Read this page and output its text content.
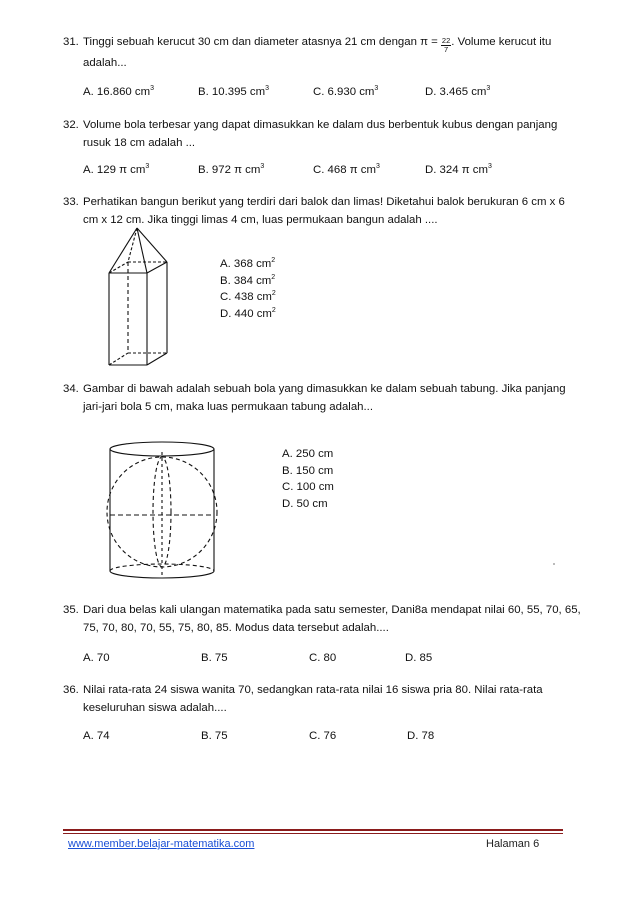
31. Tinggi sebuah kerucut 30 cm dan diameter atasnya 21 cm dengan $\pi = \frac{22}{7}$ . Volume kerucut itu
adalah...
A. 16.860 $cm^3$	B. 10.395 $cm^3$	C. 6.930 $cm^3$	D. 3.465 $cm^3$
32. Volume bola terbesar yang dapat dimasukkan ke dalam dus berbentuk kubus dengan panjang rusuk 18 cm adalah ...
A. 129 π $cm^3$	B. 972 π $cm^3$	C. 468 π $cm^3$	D. 324 π $cm^3$
33. Perhatikan bangun berikut yang terdiri dari balok dan limas! Diketahui balok berukuran 6 cm x 6 cm x 12 cm. Jika tinggi limas 4 cm, luas permukaan bangun adalah ....
A. 368 $cm^2$
B. 384 $cm^2$
C. 438 $cm^2$
D. 440 $cm^2$
34. Gambar di bawah adalah sebuah bola yang dimasukkan ke dalam sebuah tabung. Jika panjang jari-jari bola 5 cm, maka luas permukaan tabung adalah...
A. 250 cm
B. 150 cm
C. 100 cm
D. 50 cm
35. Dari dua belas kali ulangan matematika pada satu semester, Dani8a mendapat nilai 60, 55, 70, 65, 75, 70, 80, 70, 55, 75, 80, 85. Modus data tersebut adalah....
A. 70	B. 75	C. 80	D. 85
36. Nilai rata-rata 24 siswa wanita 70, sedangkan rata-rata nilai 16 siswa pria 80. Nilai rata-rata keseluruhan siswa adalah....
A. 74	B. 75	C. 76	D. 78
www.member.belajar-matematika.com	Halaman 6
